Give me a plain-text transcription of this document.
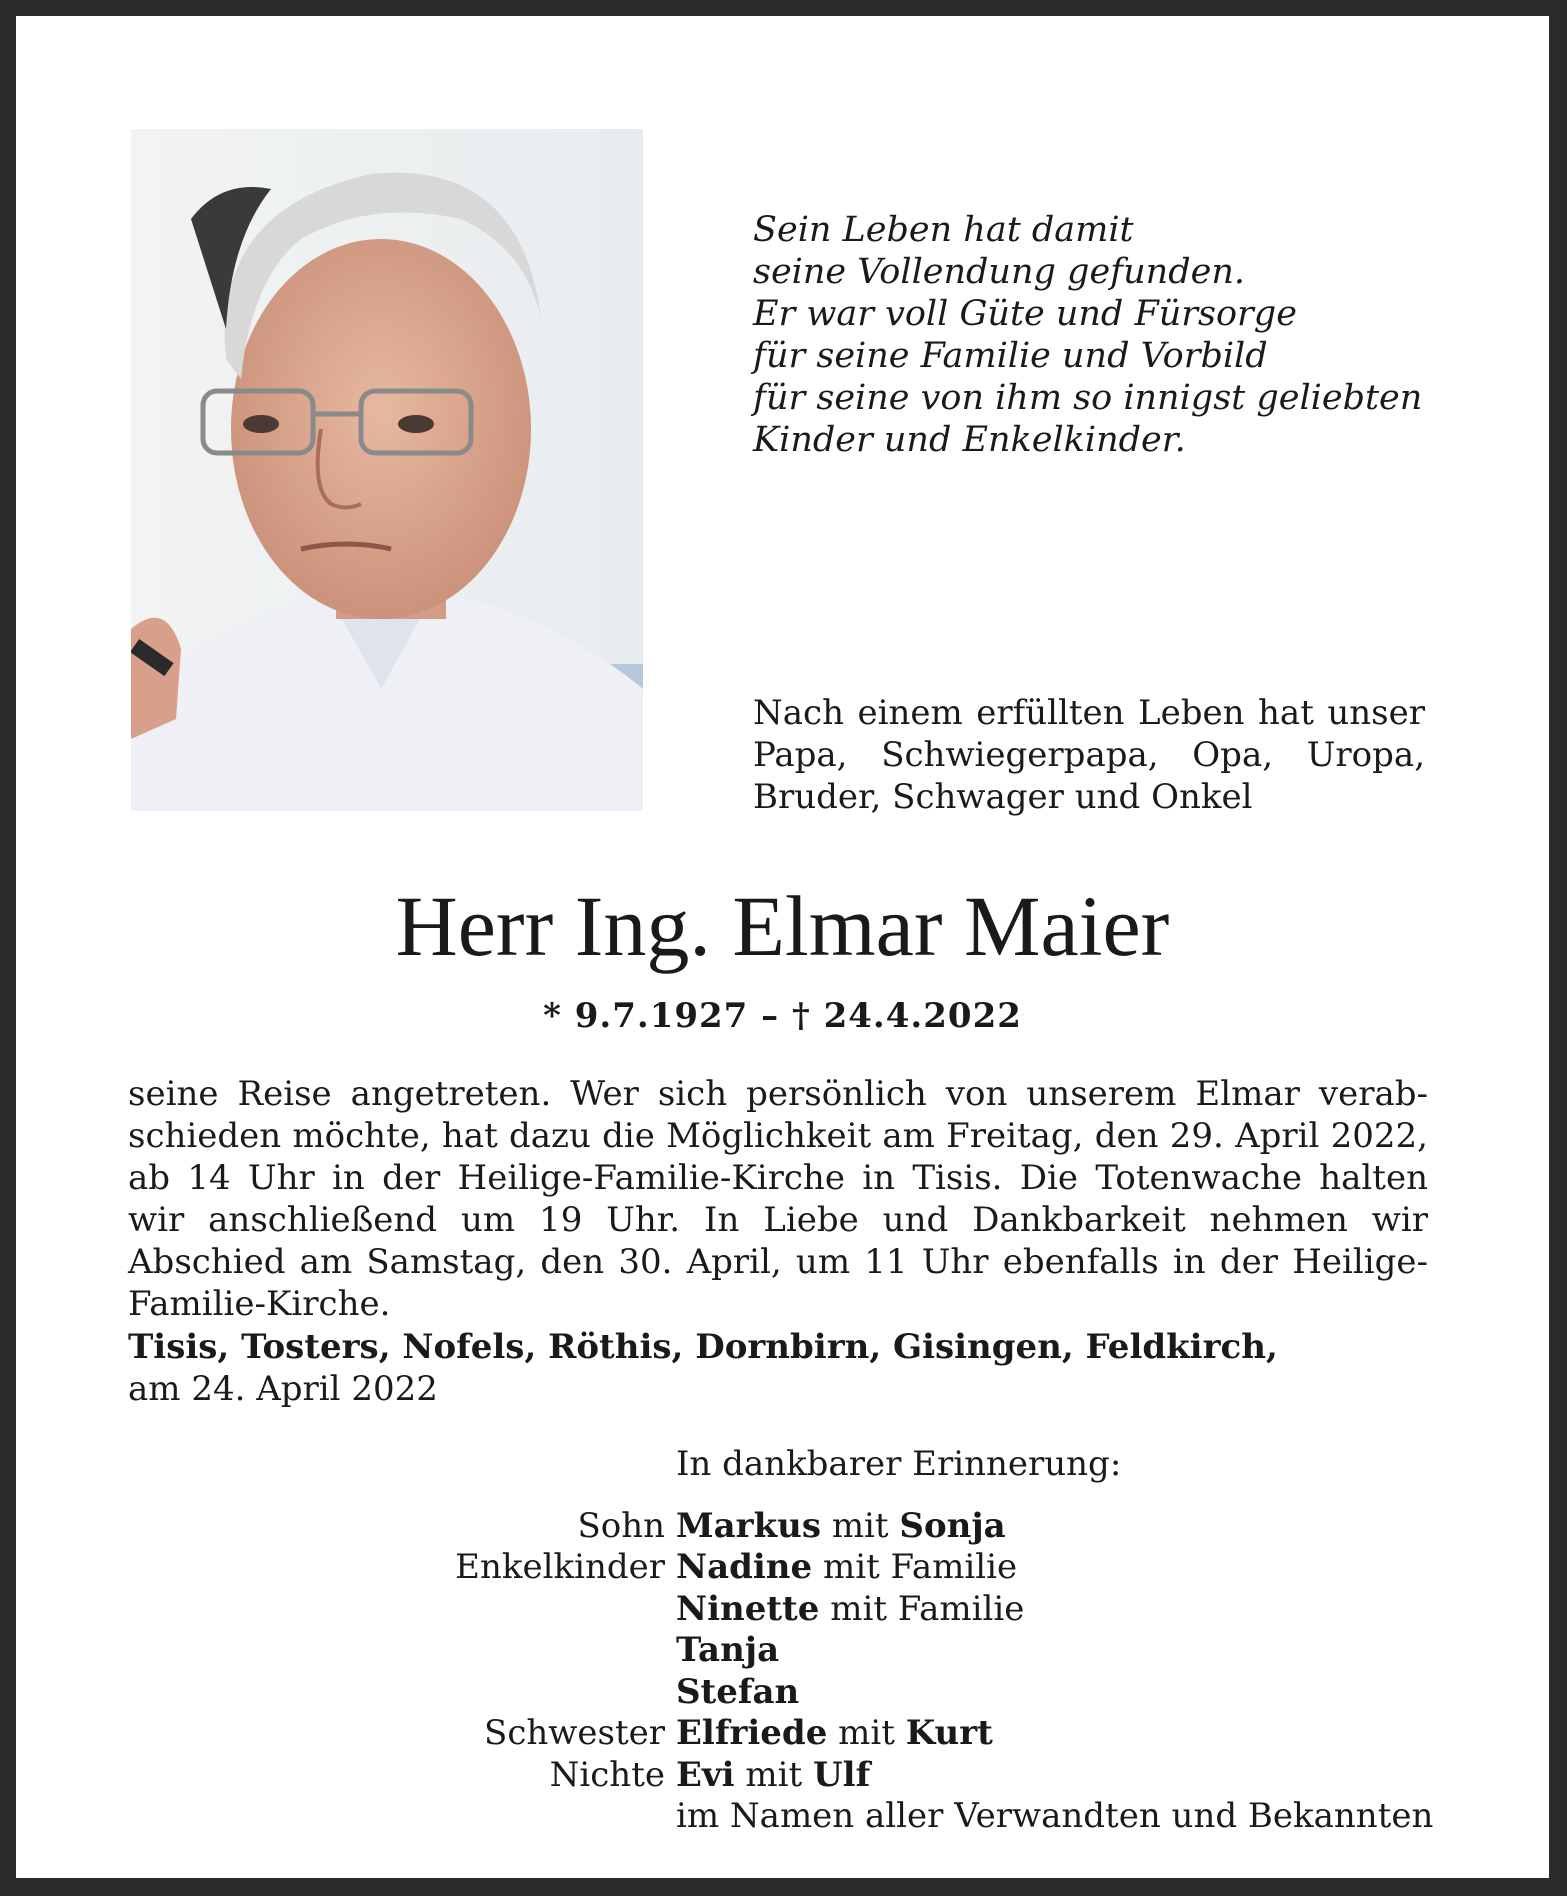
Sein Leben hat damit
seine Vollendung gefunden.
Er war voll Güte und Fürsorge
für seine Familie und Vorbild
für seine von ihm so innigst geliebten
Kinder und Enkelkinder.
Nach einem erfüllten Leben hat unser Papa, Schwiegerpapa, Opa, Uropa, Bruder, Schwager und Onkel
Herr Ing. Elmar Maier
* 9.7.1927 – † 24.4.2022
seine Reise angetreten. Wer sich persönlich von unserem Elmar verabschieden möchte, hat dazu die Möglichkeit am Freitag, den 29. April 2022, ab 14 Uhr in der Heilige-Familie-Kirche in Tisis. Die Totenwache halten wir anschließend um 19 Uhr. In Liebe und Dankbarkeit nehmen wir Abschied am Samstag, den 30. April, um 11 Uhr ebenfalls in der Heilige-Familie-Kirche.
Tisis, Tosters, Nofels, Röthis, Dornbirn, Gisingen, Feldkirch,
am 24. April 2022
In dankbarer Erinnerung:
Sohn Markus mit Sonja
Enkelkinder Nadine mit Familie
Ninette mit Familie
Tanja
Stefan
Schwester Elfriede mit Kurt
Nichte Evi mit Ulf
im Namen aller Verwandten und Bekannten
